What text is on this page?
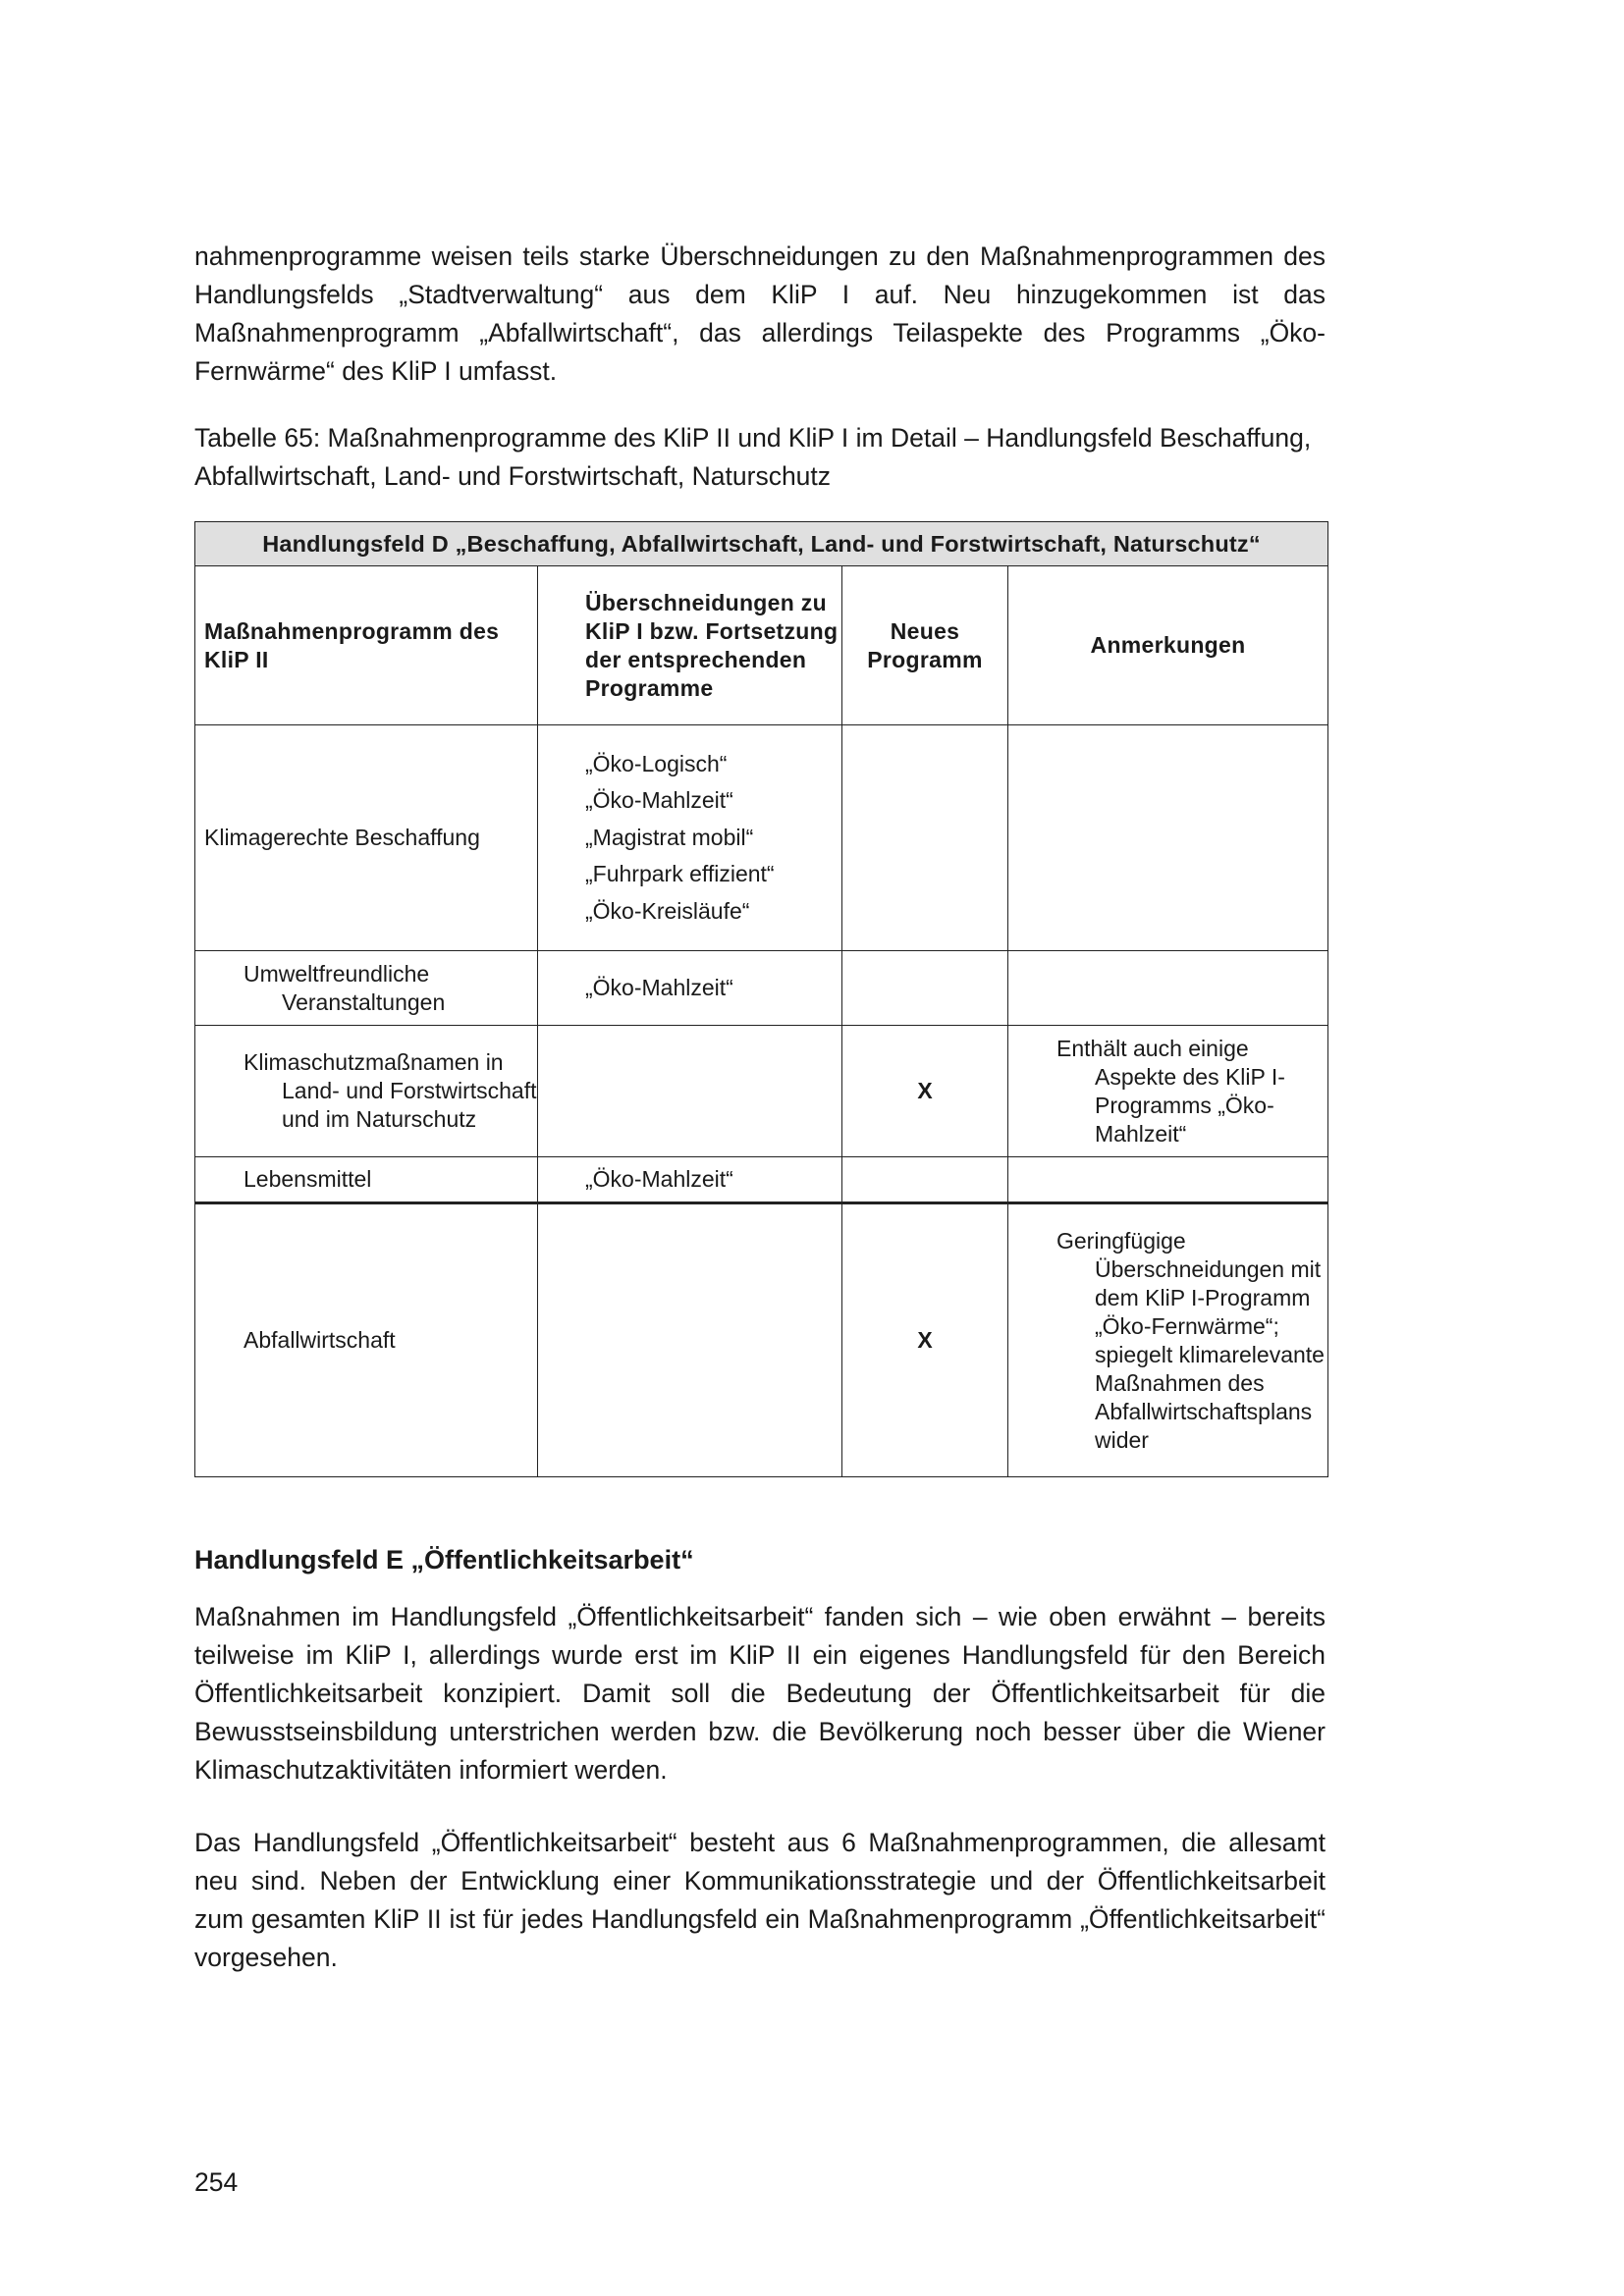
nahmenprogramme weisen teils starke Überschneidungen zu den Maßnahmenprogrammen des Handlungsfelds „Stadtverwaltung“ aus dem KliP I auf. Neu hinzugekommen ist das Maßnahmenprogramm „Abfallwirtschaft“, das allerdings Teilaspekte des Programms „Öko-Fernwärme“ des KliP I umfasst.

Tabelle 65: Maßnahmenprogramme des KliP II und KliP I im Detail – Handlungsfeld Beschaffung, Abfallwirtschaft, Land- und Forstwirtschaft, Naturschutz

Handlungsfeld D „Beschaffung, Abfallwirtschaft, Land- und Forstwirtschaft, Naturschutz“			
Maßnahmenprogramm des KliP II	Überschneidungen zu KliP I bzw. Fortsetzung der entsprechenden Programme	Neues Programm	Anmerkungen
Klimagerechte Beschaffung	„Öko-Logisch“
„Öko-Mahlzeit“
„Magistrat mobil“
„Fuhrpark effizient“
„Öko-Kreisläufe“		

Umweltfreundliche Veranstaltungen	„Öko-Mahlzeit“		

Klimaschutzmaßnamen in Land- und Forstwirtschaft und im Naturschutz		X	Enthält auch einige Aspekte des KliP I-Programms „Öko-Mahlzeit“

Lebensmittel	„Öko-Mahlzeit“		

Abfallwirtschaft		X	Geringfügige Überschneidungen mit dem KliP I-Programm „Öko-Fernwärme“; spiegelt klimarelevante Maßnahmen des Abfallwirtschaftsplans wider

Handlungsfeld E „Öffentlichkeitsarbeit“

Maßnahmen im Handlungsfeld „Öffentlichkeitsarbeit“ fanden sich – wie oben erwähnt – bereits teilweise im KliP I, allerdings wurde erst im KliP II ein eigenes Handlungsfeld für den Bereich Öffentlichkeitsarbeit konzipiert. Damit soll die Bedeutung der Öffentlichkeitsarbeit für die Bewusstseinsbildung unterstrichen werden bzw. die Bevölkerung noch besser über die Wiener Klimaschutzaktivitäten informiert werden.

Das Handlungsfeld „Öffentlichkeitsarbeit“ besteht aus 6 Maßnahmenprogrammen, die allesamt neu sind. Neben der Entwicklung einer Kommunikationsstrategie und der Öffentlichkeitsarbeit zum gesamten KliP II ist für jedes Handlungsfeld ein Maßnahmenprogramm „Öffentlichkeitsarbeit“ vorgesehen.

254
